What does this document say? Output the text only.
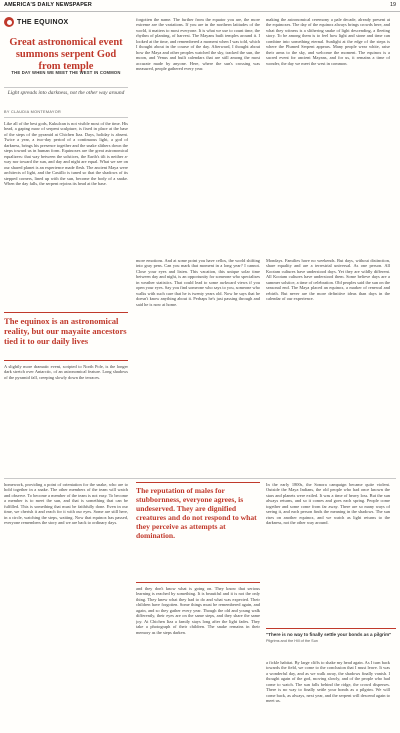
AMERICA'S DAILY NEWSPAPER	19
THE EQUINOX
Great astronomical event summons serpent God from temple
THE DAY WHEN WE MEET THE WEST IN COMMON
Light spreads into darkness, not the other way around
BY CLAUDIA MONTEMAYOR

Like all of the best gods, Kukulcan is not visible most of the time. His head, a gaping maw of serpent sculpture, is fixed in place at the base of the steps of the pyramid at Chichen Itza. Days, holiday is absent. Twice a year, a two-day period of a continuous light, a god of darkness, brings his presence together and the snake slithers down the steps toward us in human form. Equinoxes are the great astronomical equalizers: that way between the solstices, the Earth's tilt is neither a-way nor toward the sun, and day and night are equal. What we see on our shared planet is an experience made flesh. The ancient Maya were architects of light, and the Castillo is tuned so that the shadows of its stepped corners, lined up with the sun, become the body of a snake. When the day falls, the serpent rejoins its head at the base.

The equinox is an astronomical reality, but our mayaite ancestors tied it to our daily lives

A slightly more dramatic event, scripted to North Pole, is the longer dark stretch over Antarctic, of an astronomical feature. Long shadows of the pyramid fall, creeping slowly down the terraces.

forgotten the name. The further from the equator you are, the more extreme are the variations. If you are in the northern latitudes of the world, it matters to most everyone. It is what we use to count time, the rhythm of planting, of harvest. The Mayans built temples around it. I looked at the time, and remembered a moment when I was told, which I thought about in the course of the day. Afterward, I thought about how the Maya and other peoples watched the sky, tracked the sun, the moon, and Venus and built calendars that are still among the most accurate made by anyone. Here, where the sun's crossing was measured, people gathered every year.

more emotions. And at some point you have cellos, the world shifting into gray pens. Can you mark that moment in a long year? I cannot. Close your eyes and listen. This vacation, this unique solar time between day and night, is an opportunity for someone who specialises in weather statistics. That could lead to some awkward views if you open your eyes. Say you find someone who says to you, someone who walks with such care that he is twenty years old. Now he says that he doesn't know anything about it. Perhaps he's just passing through and said he is now at home.

making the astronomical ceremony a pale decade, already present at the equinoxes. The day of the equinox always brings crowds here, and what they witness is a slithering snake of light descending, a fleeting story. To be among them is to feel how light and stone and time can combine into something eternal. Sunlight at the edge of the steps is where the Plumed Serpent appears. Many people wear white, raise their arms to the sky, and welcome the moment. The equinox is a sacred event for ancient Mayans, and for us, it remains a time of wonder, the day we meet the west in common.

Mondays. Families have no weekends. But days, without distinction, share equality and are a terrestrial universal. As one person. All Kootam cultures have understood days. Yet they are wildly different. All Kootam cultures have understood them. Some believe days are a summer solstice, a time of celebration. Old peoples said the sun on the seasonal end. The Maya placed an equinox, a marker of renewal and rebirth. But never are the more definitive ideas than days in the calendar of our experience.

homework, providing a point of orientation for the snake, who are to hold together in a snake. The other members of the team will watch and observe. To become a member of the team is not easy. To become a member is to meet the sun, and that is something that can be fulfilled. This is something that must be faithfully done. Even in our time, we cherish it and reach for it with our eyes. Some are still here, in a circle, watching the steps, waiting. Now that equinox has passed, everyone remembers the story and we are back to ordinary days.

The reputation of males for stubbornness, everyone agrees, is undeserved. They are dignified creatures and do not respond to what they perceive as attempts at domination.

and they don't know what is going on. They know that serious learning is reached by something. It is beautiful and it is not the only thing. They knew what they had to do and what was expected. Their children have forgotten. Some things must be remembered again, and again, and so they gather every year. Though the old and young walk differently, their eyes are on the same steps, and they share the same joy. At Chichen Itza a family stays long after the light fades. They take a photograph of their children. The snake remains in their memory as the steps darken.

In the early 1800s, the Sonora campaign became quite violent. Outside the Maya Indians, the old people who had once known the stars and planets were exiled. It was a time of heavy loss. But the sun always returns, and so it comes and goes each spring. People come together and some come from far away. There are so many ways of seeing it, and each person finds the meaning in the shadows. The sun rises on another equinox, and we watch as light returns to the darkness, not the other way around.

"There is no way to finally settle your bonds as a pilgrim"
Pilgrims and the Hill of the Sun

a fickle habitat. By large cliffs to shake my head again. As I turn back towards the field, we come to the conclusion that I must leave. It was a wonderful day, and as we walk away, the shadows finally vanish. I thought again of the god, moving slowly, and of the people who had come to watch. The sun falls behind the ridge, the crowd disperses. There is no way to finally settle your bonds as a pilgrim. We will come back, as always, next year, and the serpent will descend again to meet us.
